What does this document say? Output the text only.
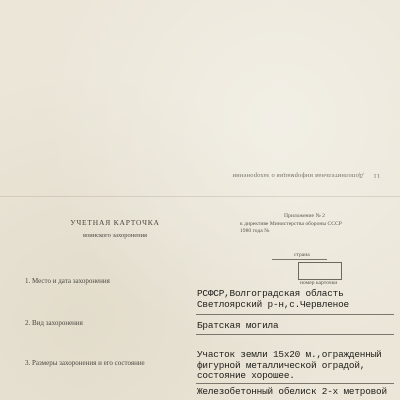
11 Дополнительная информация о захоронении
УЧЕТНАЯ КАРТОЧКА
воинского захоронения
Приложение № 2
к директиве Министерства обороны СССР
1980 года №
страна
номер карточки
1. Место и дата захоронения
РСФСР,Волгоградская область
Светлоярский р-н,с.Червленое
2. Вид захоронения	Братская могила
3. Размеры захоронения и его состояние
Участок земли 15х20 м.,огражденный
фигурной металлической оградой,
состояние хорошее.
Железобетонный обелиск 2-х метровой
